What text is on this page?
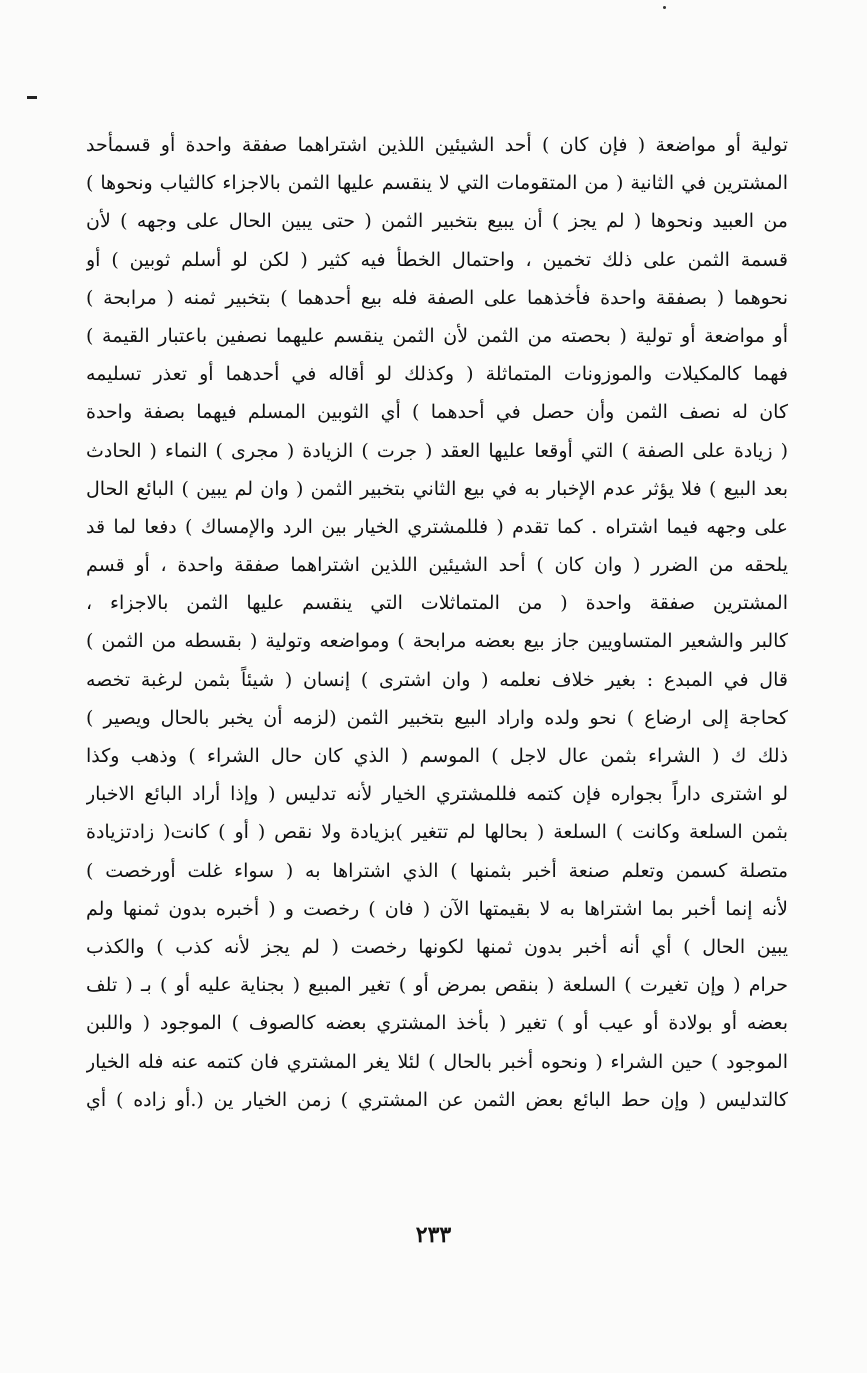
تولية أو مواضعة ( فإن كان ) أحد الشيئين اللذين اشتراهما صفقة واحدة أو قسمأحد
المشترين في الثانية ( من المتقومات التي لا ينقسم عليها الثمن بالاجزاء كالثياب ونحوها )
من العبيد ونحوها ( لم يجز ) أن يبيع بتخبير الثمن ( حتى يبين الحال على وجهه ) لأن
قسمة الثمن على ذلك تخمين ، واحتمال الخطأ فيه كثير ( لكن لو أسلم ثوبين ) أو
نحوهما ( بصفقة واحدة فأخذهما على الصفة فله بيع أحدهما ) بتخبير ثمنه ( مرابحة )
أو مواضعة أو تولية ( بحصته من الثمن لأن الثمن ينقسم عليهما نصفين باعتبار القيمة )
فهما كالمكيلات والموزونات المتماثلة ( وكذلك لو أقاله في أحدهما أو تعذر تسليمه
كان له نصف الثمن وأن حصل في أحدهما ) أي الثوبين المسلم فيهما بصفة واحدة
( زيادة على الصفة ) التي أوقعا عليها العقد ( جرت ) الزيادة ( مجرى ) النماء ( الحادث
بعد البيع ) فلا يؤثر عدم الإخبار به في بيع الثاني بتخبير الثمن ( وان لم يبين ) البائع الحال
على وجهه فيما اشتراه . كما تقدم ( فللمشتري الخيار بين الرد والإمساك ) دفعا لما قد
يلحقه من الضرر ( وان كان ) أحد الشيئين اللذين اشتراهما صفقة واحدة ، أو قسم
المشترين صفقة واحدة ( من المتماثلات التي ينقسم عليها الثمن بالاجزاء ،
كالبر والشعير المتساويين جاز بيع بعضه مرابحة ) ومواضعه وتولية ( بقسطه من الثمن )
قال في المبدع : بغير خلاف نعلمه ( وان اشترى ) إنسان ( شيئاً بثمن لرغبة تخصه
كحاجة إلى ارضاع ) نحو ولده واراد البيع بتخبير الثمن (لزمه أن يخبر بالحال ويصير )
ذلك ك ( الشراء بثمن عال لاجل ) الموسم ( الذي كان حال الشراء ) وذهب وكذا
لو اشترى داراً بجواره فإن كتمه فللمشتري الخيار لأنه تدليس ( وإذا أراد البائع الاخبار
بثمن السلعة وكانت ) السلعة ( بحالها لم تتغير )بزيادة ولا نقص ( أو ) كانت( زادتزيادة
متصلة كسمن وتعلم صنعة أخبر بثمنها ) الذي اشتراها به ( سواء غلت أورخصت )
لأنه إنما أخبر بما اشتراها به لا بقيمتها الآن ( فان ) رخصت و ( أخبره بدون ثمنها ولم
يبين الحال ) أي أنه أخبر بدون ثمنها لكونها رخصت ( لم يجز لأنه كذب ) والكذب
حرام ( وإن تغيرت ) السلعة ( بنقص بمرض أو ) تغير المبيع ( بجناية عليه أو ) بـ ( تلف
بعضه أو بولادة أو عيب أو ) تغير ( بأخذ المشتري بعضه كالصوف ) الموجود ( واللبن
الموجود ) حين الشراء ( ونحوه أخبر بالحال ) لئلا يغر المشتري فان كتمه عنه فله الخيار
كالتدليس ( وإن حط البائع بعض الثمن عن المشتري ) زمن الخيار ين (.أو زاده ) أي
٢٣٣
